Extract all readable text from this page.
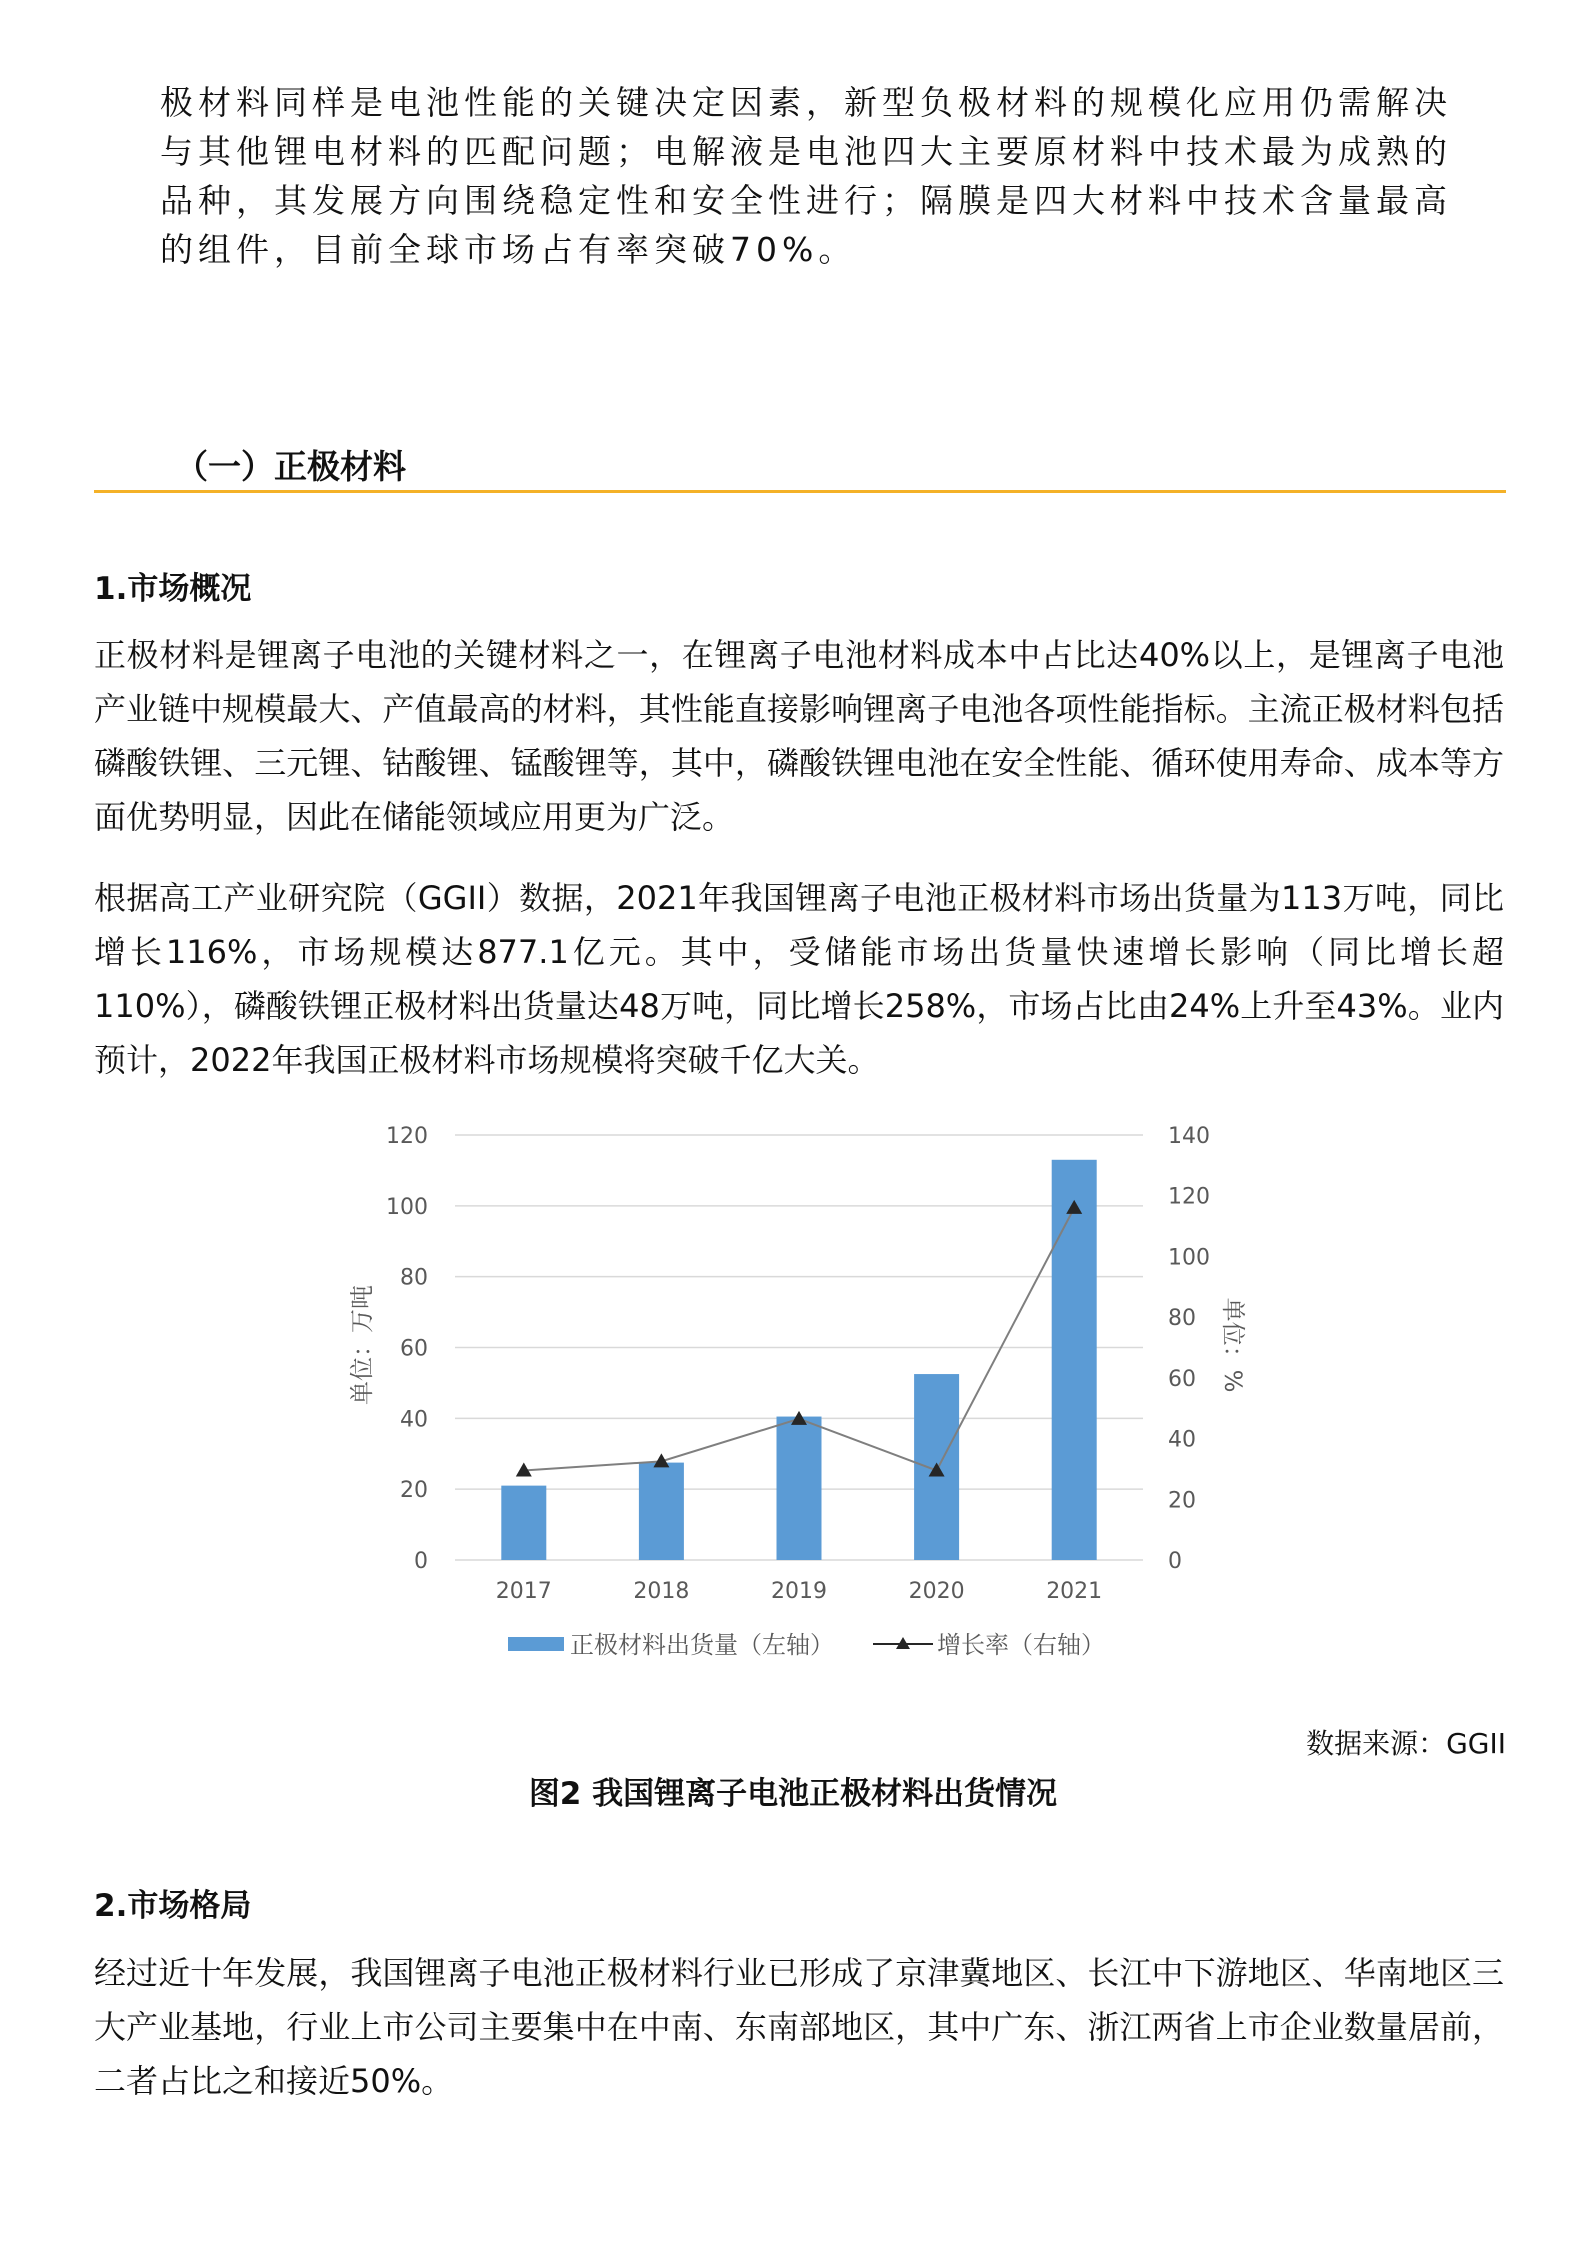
极材料同样是电池性能的关键决定因素，新型负极材料的规模化应用仍需解决与其他锂电材料的匹配问题；电解液是电池四大主要原材料中技术最为成熟的品种，其发展方向围绕稳定性和安全性进行；隔膜是四大材料中技术含量最高的组件，目前全球市场占有率突破70%。

（一）正极材料
1.市场概况

正极材料是锂离子电池的关键材料之一，在锂离子电池材料成本中占比达40%以上，是锂离子电池产业链中规模最大、产值最高的材料，其性能直接影响锂离子电池各项性能指标。主流正极材料包括磷酸铁锂、三元锂、钴酸锂、锰酸锂等，其中，磷酸铁锂电池在安全性能、循环使用寿命、成本等方面优势明显，因此在储能领域应用更为广泛。

根据高工产业研究院（GGII）数据，2021年我国锂离子电池正极材料市场出货量为113万吨，同比增长116%，市场规模达877.1亿元。其中，受储能市场出货量快速增长影响（同比增长超110%），磷酸铁锂正极材料出货量达48万吨，同比增长258%，市场占比由24%上升至43%。业内预计，2022年我国正极材料市场规模将突破千亿大关。

0
20
40
60
80
100
120
0
20
40
60
80
100
120
140
2017	2018	2019	2020	2021
单位：万吨	单位：%
正极材料出货量（左轴）	增长率（右轴）

数据来源：GGII

图2 我国锂离子电池正极材料出货情况

2.市场格局

经过近十年发展，我国锂离子电池正极材料行业已形成了京津冀地区、长江中下游地区、华南地区三大产业基地，行业上市公司主要集中在中南、东南部地区，其中广东、浙江两省上市企业数量居前，二者占比之和接近50%。
